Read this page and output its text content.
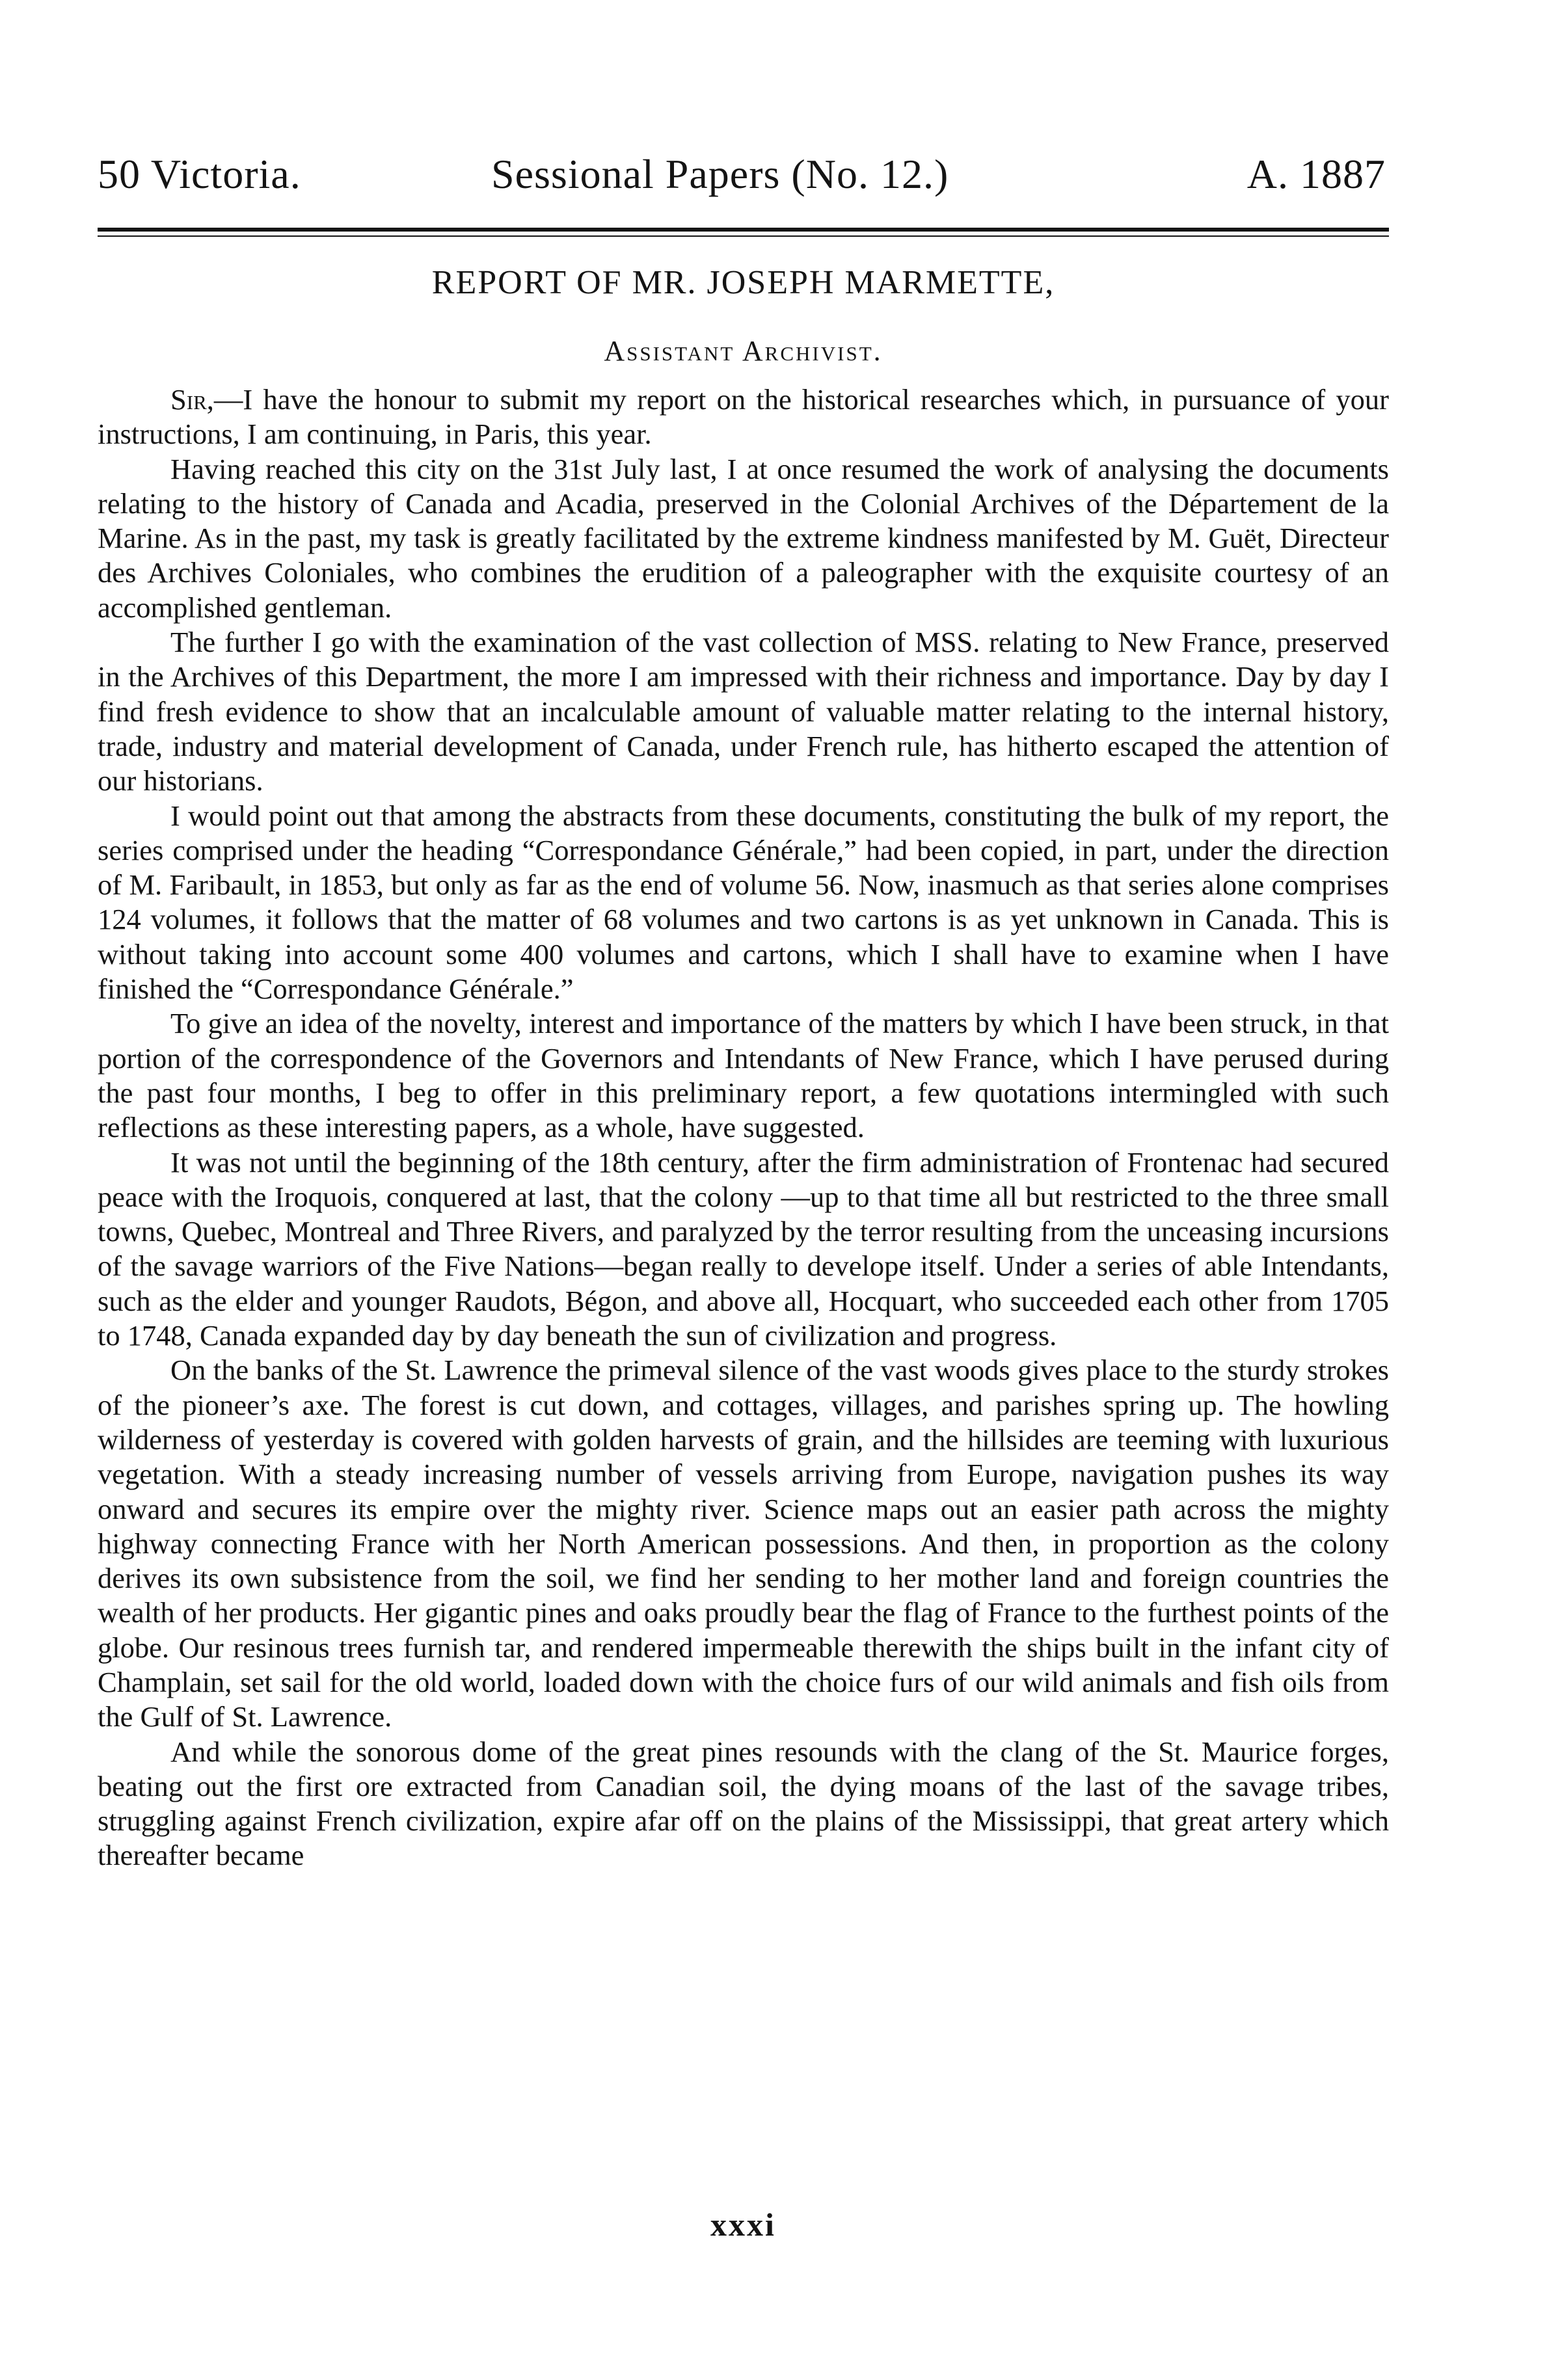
50 Victoria.	Sessional Papers (No. 12.)	A. 1887
REPORT OF MR. JOSEPH MARMETTE,
Assistant Archivist.

Sir,—I have the honour to submit my report on the historical researches which, in pursuance of your instructions, I am continuing, in Paris, this year.

Having reached this city on the 31st July last, I at once resumed the work of analysing the documents relating to the history of Canada and Acadia, preserved in the Colonial Archives of the Département de la Marine. As in the past, my task is greatly facilitated by the extreme kindness manifested by M. Guët, Directeur des Archives Coloniales, who combines the erudition of a paleographer with the exquisite courtesy of an accomplished gentleman.

The further I go with the examination of the vast collection of MSS. relating to New France, preserved in the Archives of this Department, the more I am impressed with their richness and importance. Day by day I find fresh evidence to show that an incalculable amount of valuable matter relating to the internal history, trade, industry and material development of Canada, under French rule, has hitherto escaped the attention of our historians.

I would point out that among the abstracts from these documents, constituting the bulk of my report, the series comprised under the heading “Correspondance Générale,” had been copied, in part, under the direction of M. Faribault, in 1853, but only as far as the end of volume 56. Now, inasmuch as that series alone comprises 124 volumes, it follows that the matter of 68 volumes and two cartons is as yet unknown in Canada. This is without taking into account some 400 volumes and cartons, which I shall have to examine when I have finished the “Correspondance Générale.”

To give an idea of the novelty, interest and importance of the matters by which I have been struck, in that portion of the correspondence of the Governors and Intendants of New France, which I have perused during the past four months, I beg to offer in this preliminary report, a few quotations intermingled with such reflections as these interesting papers, as a whole, have suggested.

It was not until the beginning of the 18th century, after the firm administration of Frontenac had secured peace with the Iroquois, conquered at last, that the colony —up to that time all but restricted to the three small towns, Quebec, Montreal and Three Rivers, and paralyzed by the terror resulting from the unceasing incursions of the savage warriors of the Five Nations—began really to develope itself. Under a series of able Intendants, such as the elder and younger Raudots, Bégon, and above all, Hocquart, who succeeded each other from 1705 to 1748, Canada expanded day by day beneath the sun of civilization and progress.

On the banks of the St. Lawrence the primeval silence of the vast woods gives place to the sturdy strokes of the pioneer’s axe. The forest is cut down, and cottages, villages, and parishes spring up. The howling wilderness of yesterday is covered with golden harvests of grain, and the hillsides are teeming with luxurious vegetation. With a steady increasing number of vessels arriving from Europe, navigation pushes its way onward and secures its empire over the mighty river. Science maps out an easier path across the mighty highway connecting France with her North American possessions. And then, in proportion as the colony derives its own subsistence from the soil, we find her sending to her mother land and foreign countries the wealth of her products. Her gigantic pines and oaks proudly bear the flag of France to the furthest points of the globe. Our resinous trees furnish tar, and rendered impermeable therewith the ships built in the infant city of Champlain, set sail for the old world, loaded down with the choice furs of our wild animals and fish oils from the Gulf of St. Lawrence.

And while the sonorous dome of the great pines resounds with the clang of the St. Maurice forges, beating out the first ore extracted from Canadian soil, the dying moans of the last of the savage tribes, struggling against French civilization, expire afar off on the plains of the Mississippi, that great artery which thereafter became

xxxi
